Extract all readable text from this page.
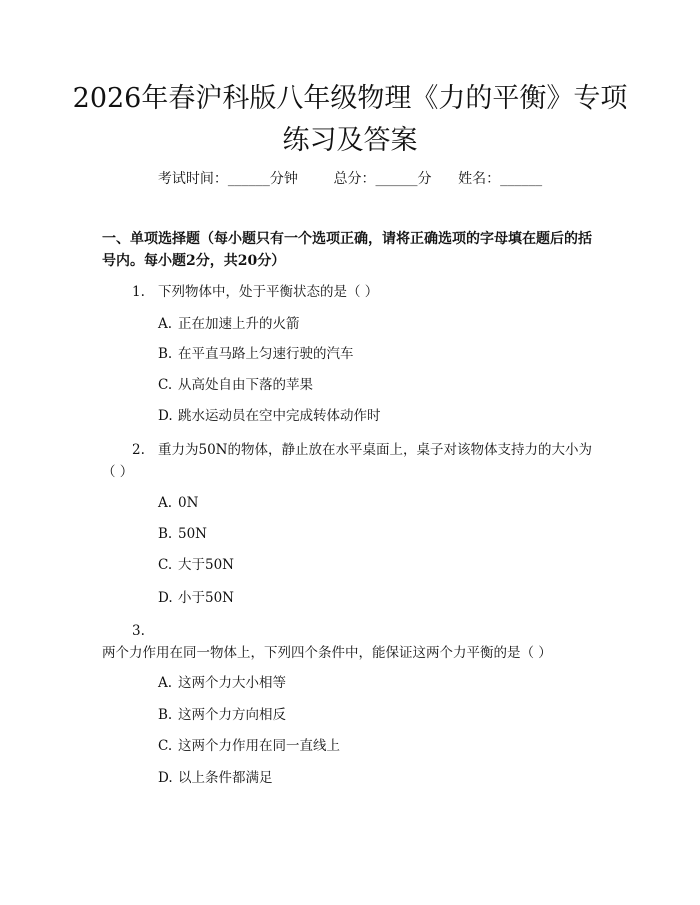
2026年春沪科版八年级物理《力的平衡》专项练习及答案
考试时间：______分钟	总分：______分 姓名：______

一、单项选择题（每小题只有一个选项正确，请将正确选项的字母填在题后的括号内。每小题2分，共20分）

1. 下列物体中，处于平衡状态的是（ ）
A. 正在加速上升的火箭
B. 在平直马路上匀速行驶的汽车
C. 从高处自由下落的苹果
D. 跳水运动员在空中完成转体动作时
2. 重力为50N的物体，静止放在水平桌面上，桌子对该物体支持力的大小为（ ）
A. 0N
B. 50N
C. 大于50N
D. 小于50N
3.两个力作用在同一物体上，下列四个条件中，能保证这两个力平衡的是（ ）
A. 这两个力大小相等
B. 这两个力方向相反
C. 这两个力作用在同一直线上
D. 以上条件都满足
